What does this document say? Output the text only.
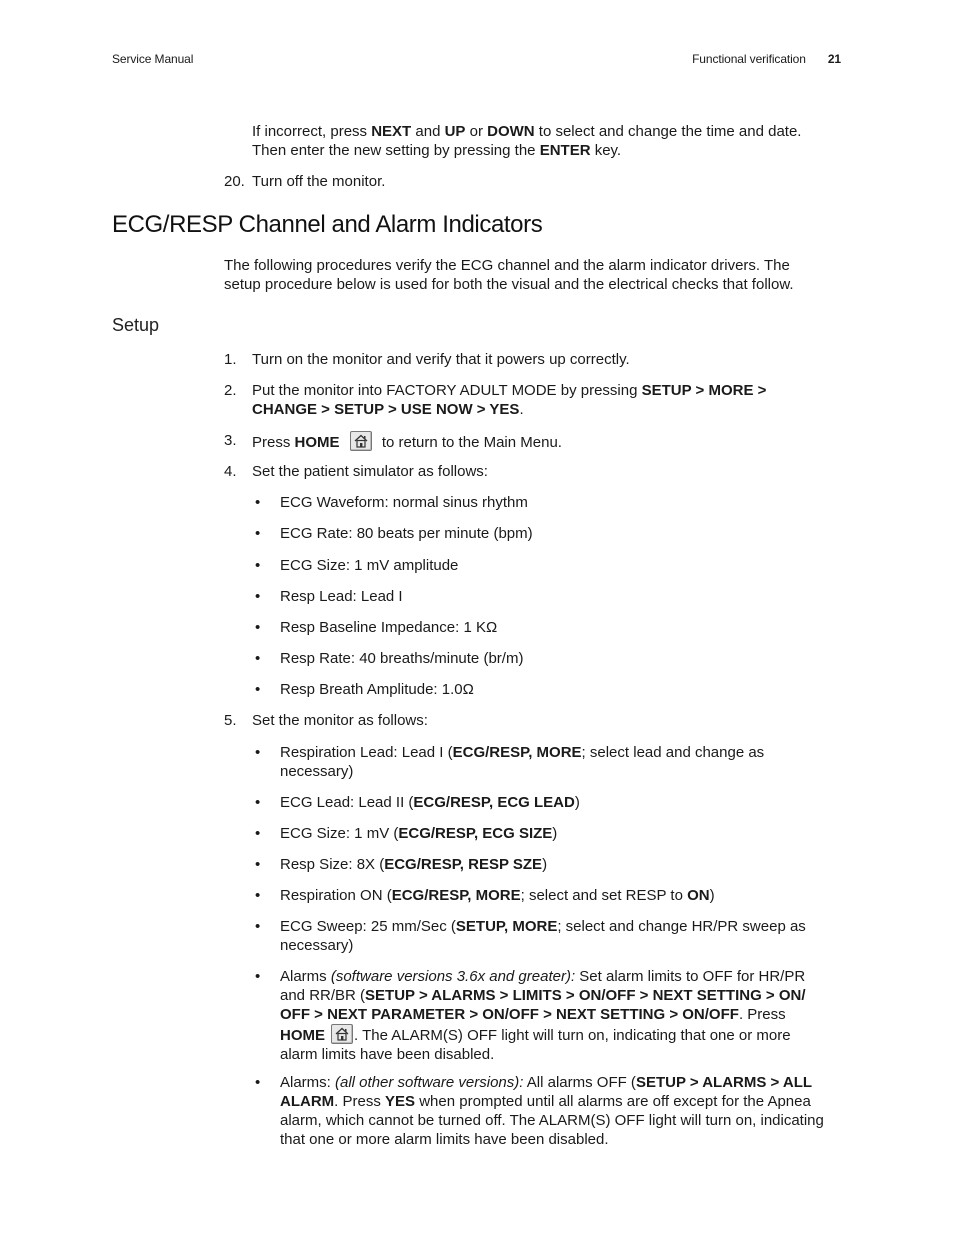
Service Manual	Functional verification 21
If incorrect, press NEXT and UP or DOWN to select and change the time and date.
Then enter the new setting by pressing the ENTER key.
20. Turn off the monitor.
ECG/RESP Channel and Alarm Indicators
The following procedures verify the ECG channel and the alarm indicator drivers. The
setup procedure below is used for both the visual and the electrical checks that follow.
Setup
1. Turn on the monitor and verify that it powers up correctly.
2. Put the monitor into FACTORY ADULT MODE by pressing SETUP > MORE >
CHANGE > SETUP > USE NOW > YES.
3. Press HOME	to return to the Main Menu.
4. Set the patient simulator as follows:
• ECG Waveform: normal sinus rhythm
• ECG Rate: 80 beats per minute (bpm)
• ECG Size: 1 mV amplitude
• Resp Lead: Lead I
• Resp Baseline Impedance: 1 KΩ
• Resp Rate: 40 breaths/minute (br/m)
• Resp Breath Amplitude: 1.0Ω
5. Set the monitor as follows:
• Respiration Lead: Lead I (ECG/RESP, MORE; select lead and change as
necessary)
• ECG Lead: Lead II (ECG/RESP, ECG LEAD)
• ECG Size: 1 mV (ECG/RESP, ECG SIZE)
• Resp Size: 8X (ECG/RESP, RESP SZE)
• Respiration ON (ECG/RESP, MORE; select and set RESP to ON)
• ECG Sweep: 25 mm/Sec (SETUP, MORE; select and change HR/PR sweep as
necessary)
• Alarms (software versions 3.6x and greater): Set alarm limits to OFF for HR/PR
and RR/BR (SETUP > ALARMS > LIMITS > ON/OFF > NEXT SETTING > ON/
OFF > NEXT PARAMETER > ON/OFF > NEXT SETTING > ON/OFF. Press
HOME . The ALARM(S) OFF light will turn on, indicating that one or more
alarm limits have been disabled.
• Alarms: (all other software versions): All alarms OFF (SETUP > ALARMS > ALL
ALARM. Press YES when prompted until all alarms are off except for the Apnea
alarm, which cannot be turned off. The ALARM(S) OFF light will turn on, indicating
that one or more alarm limits have been disabled.
